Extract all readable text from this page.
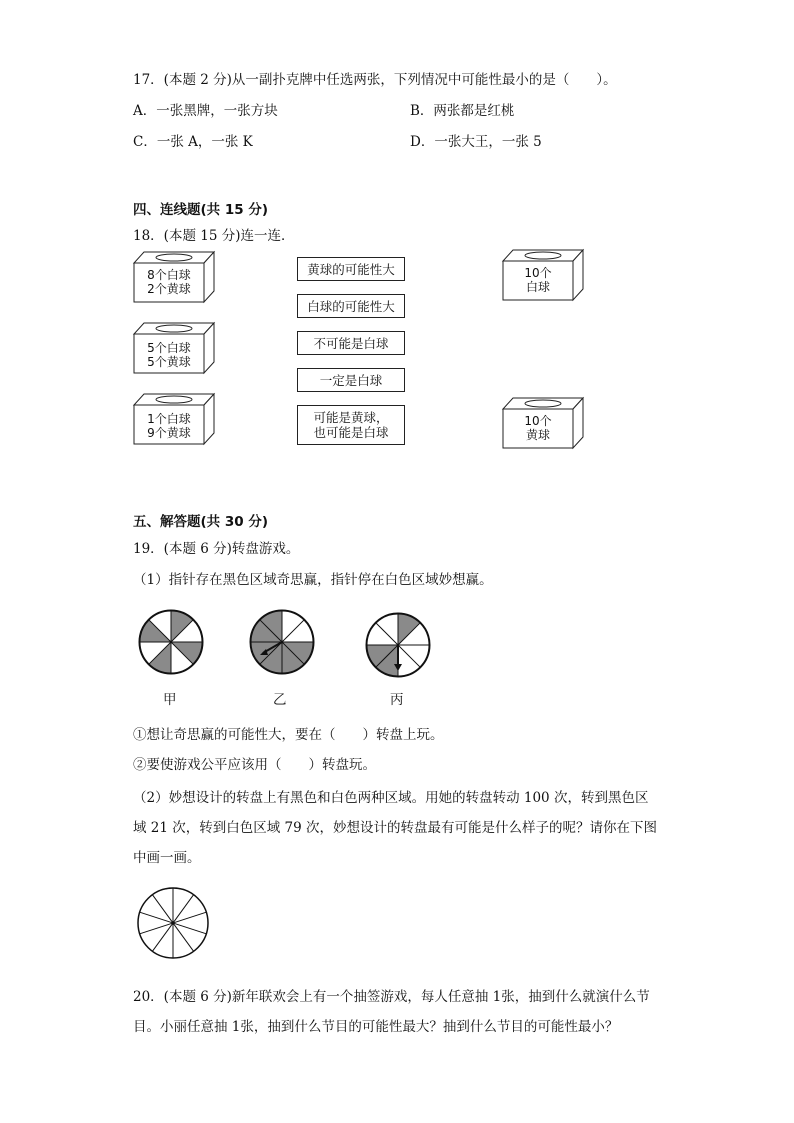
17．(本题 2 分)从一副扑克牌中任选两张，下列情况中可能性最小的是（　　）。
A．一张黑牌，一张方块	B．两张都是红桃
C．一张 A，一张 K	D．一张大王，一张 5
四、连线题(共 15 分)
18．(本题 15 分)连一连．
8个白球
2个黄球
5个白球
5个黄球
1个白球
9个黄球
黄球的可能性大
白球的可能性大
不可能是白球
一定是白球
可能是黄球，
也可能是白球
10个
白球
10个
黄球
五、解答题(共 30 分)
19．(本题 6 分)转盘游戏。
（1）指针存在黑色区域奇思赢，指针停在白色区域妙想赢。
甲	乙	丙
①想让奇思赢的可能性大，要在（　　）转盘上玩。
②要使游戏公平应该用（　　）转盘玩。
（2）妙想设计的转盘上有黑色和白色两种区域。用她的转盘转动 100 次，转到黑色区
域 21 次，转到白色区域 79 次，妙想设计的转盘最有可能是什么样子的呢？请你在下图
中画一画。
20．(本题 6 分)新年联欢会上有一个抽签游戏，每人任意抽 1张，抽到什么就演什么节
目。小丽任意抽 1张，抽到什么节目的可能性最大？抽到什么节目的可能性最小？
